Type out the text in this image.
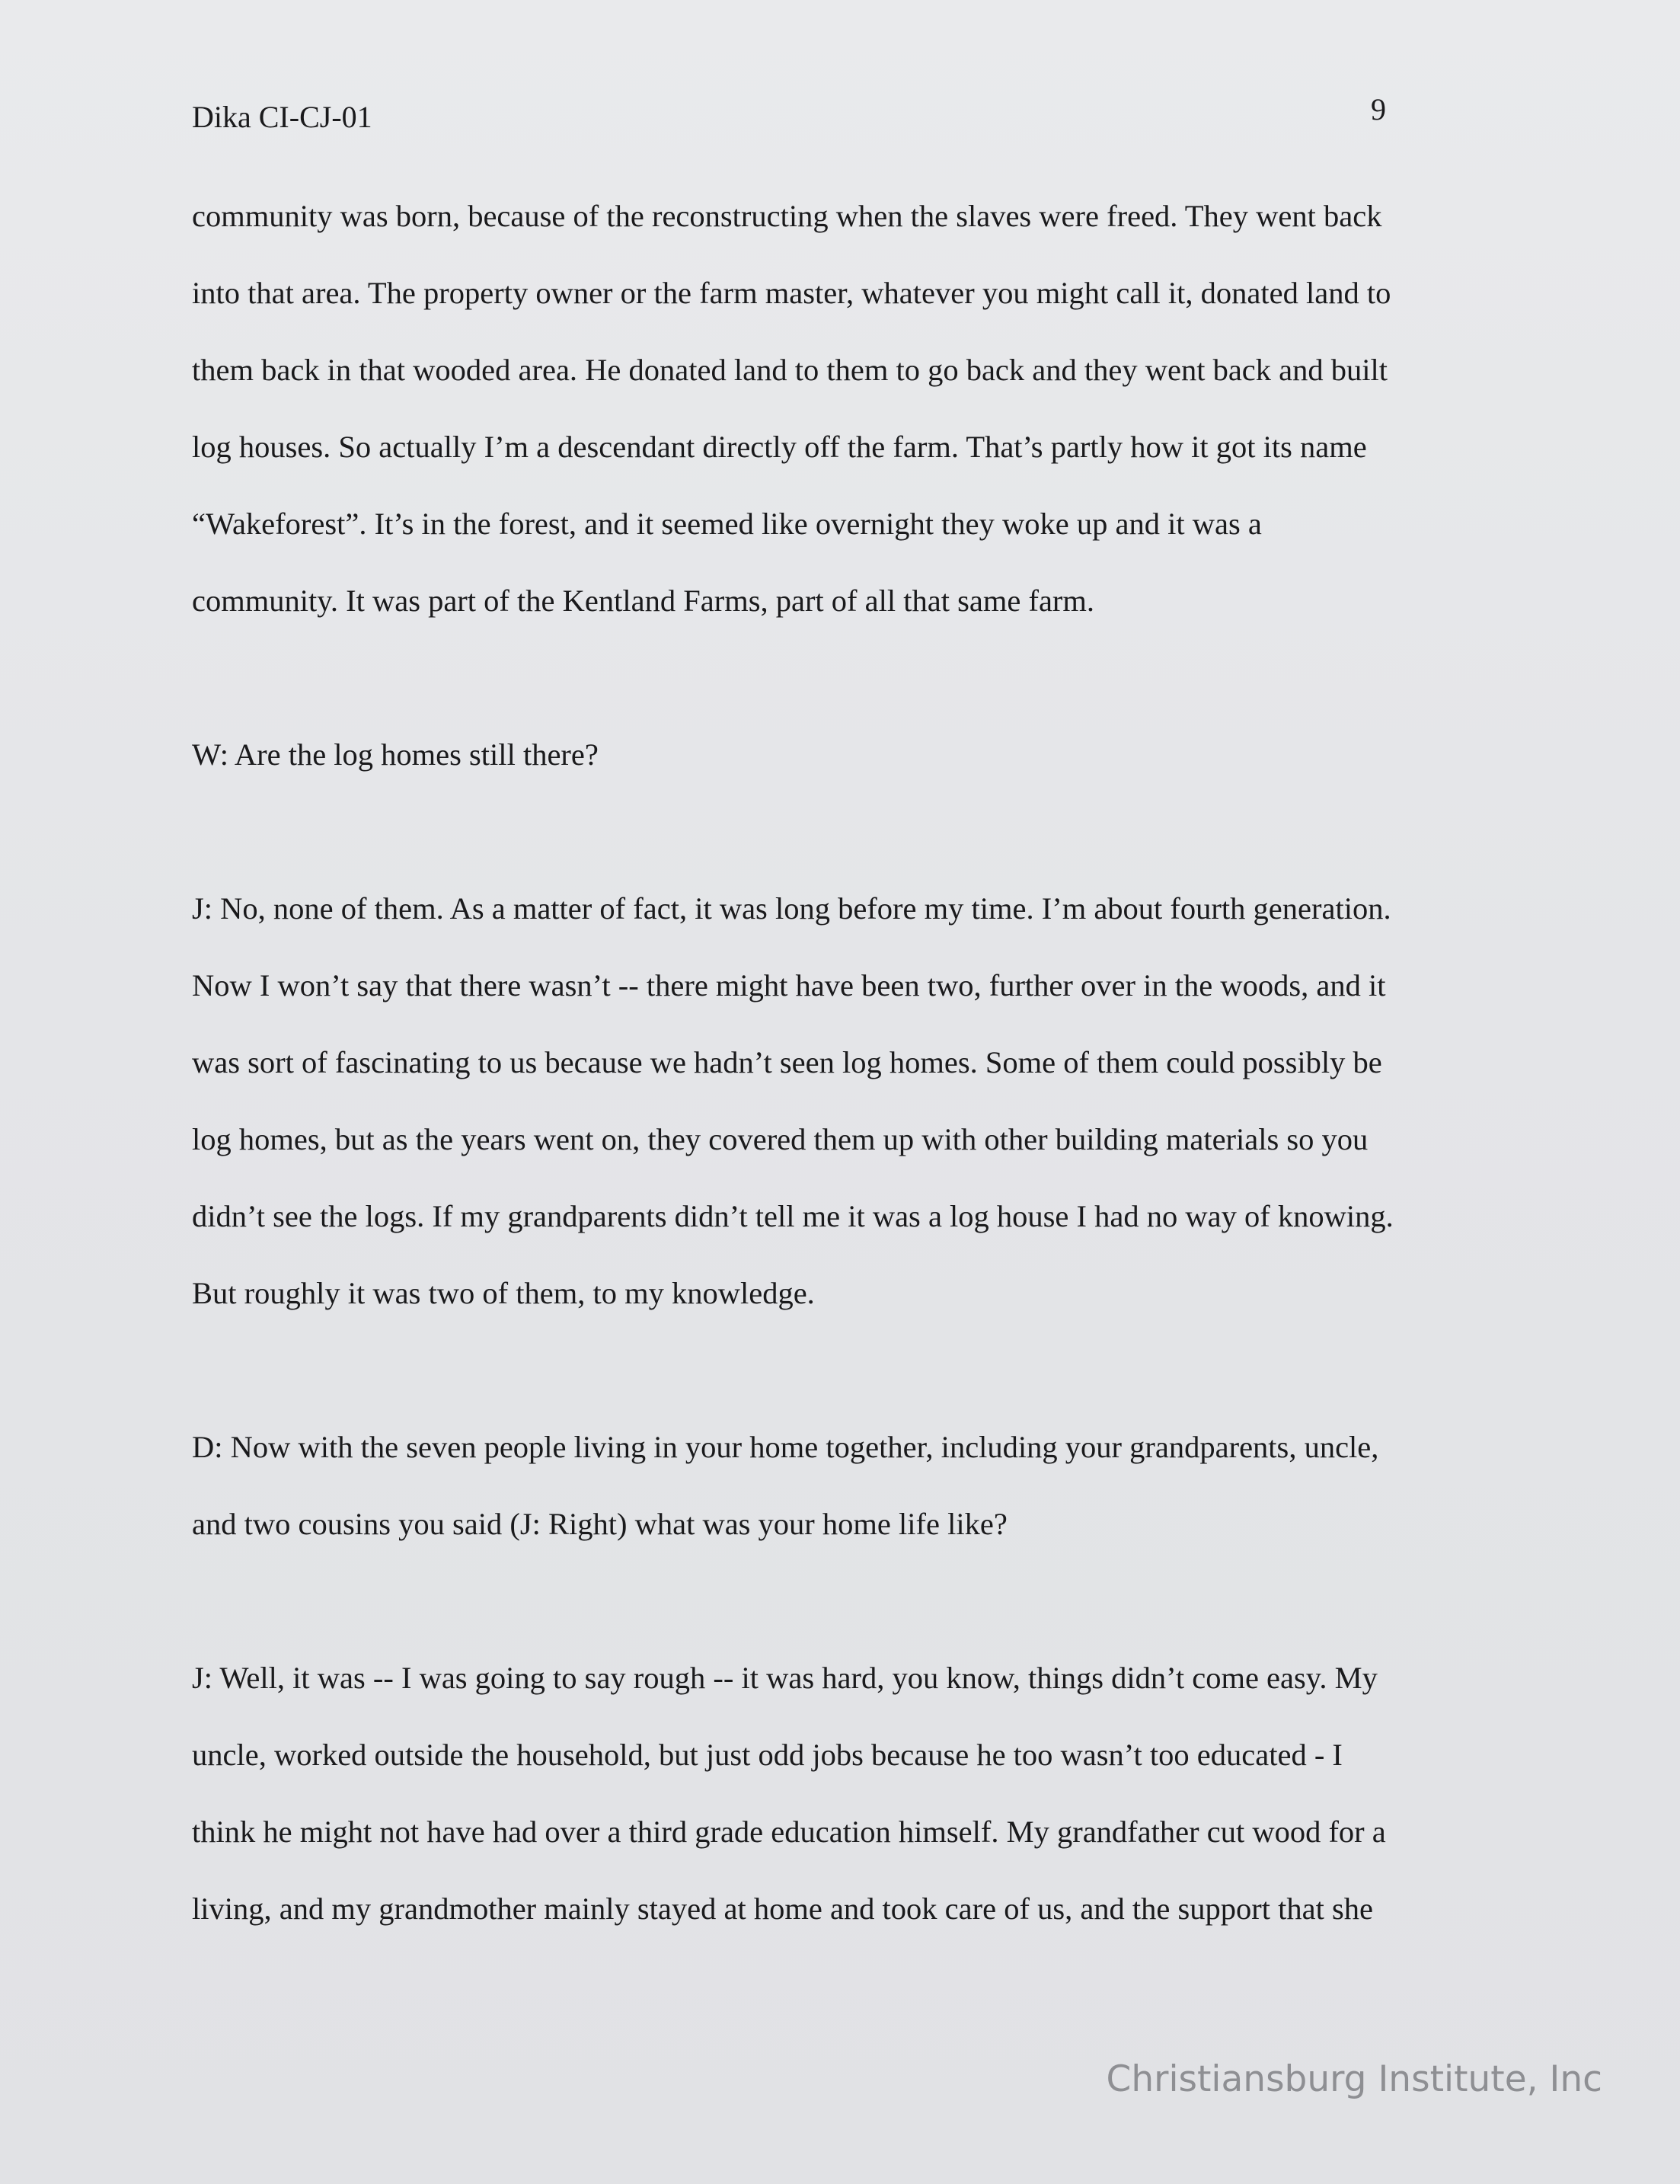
Dika CI-CJ-01	9
community was born, because of the reconstructing when the slaves were freed. They went back
into that area. The property owner or the farm master, whatever you might call it, donated land to
them back in that wooded area. He donated land to them to go back and they went back and built
log houses. So actually I’m a descendant directly off the farm. That’s partly how it got its name
“Wakeforest”. It’s in the forest, and it seemed like overnight they woke up and it was a
community. It was part of the Kentland Farms, part of all that same farm.
W: Are the log homes still there?
J: No, none of them. As a matter of fact, it was long before my time. I’m about fourth generation.
Now I won’t say that there wasn’t -- there might have been two, further over in the woods, and it
was sort of fascinating to us because we hadn’t seen log homes. Some of them could possibly be
log homes, but as the years went on, they covered them up with other building materials so you
didn’t see the logs. If my grandparents didn’t tell me it was a log house I had no way of knowing.
But roughly it was two of them, to my knowledge.
D: Now with the seven people living in your home together, including your grandparents, uncle,
and two cousins you said (J: Right) what was your home life like?
J: Well, it was -- I was going to say rough -- it was hard, you know, things didn’t come easy. My
uncle, worked outside the household, but just odd jobs because he too wasn’t too educated - I
think he might not have had over a third grade education himself. My grandfather cut wood for a
living, and my grandmother mainly stayed at home and took care of us, and the support that she
Christiansburg Institute, Inc
